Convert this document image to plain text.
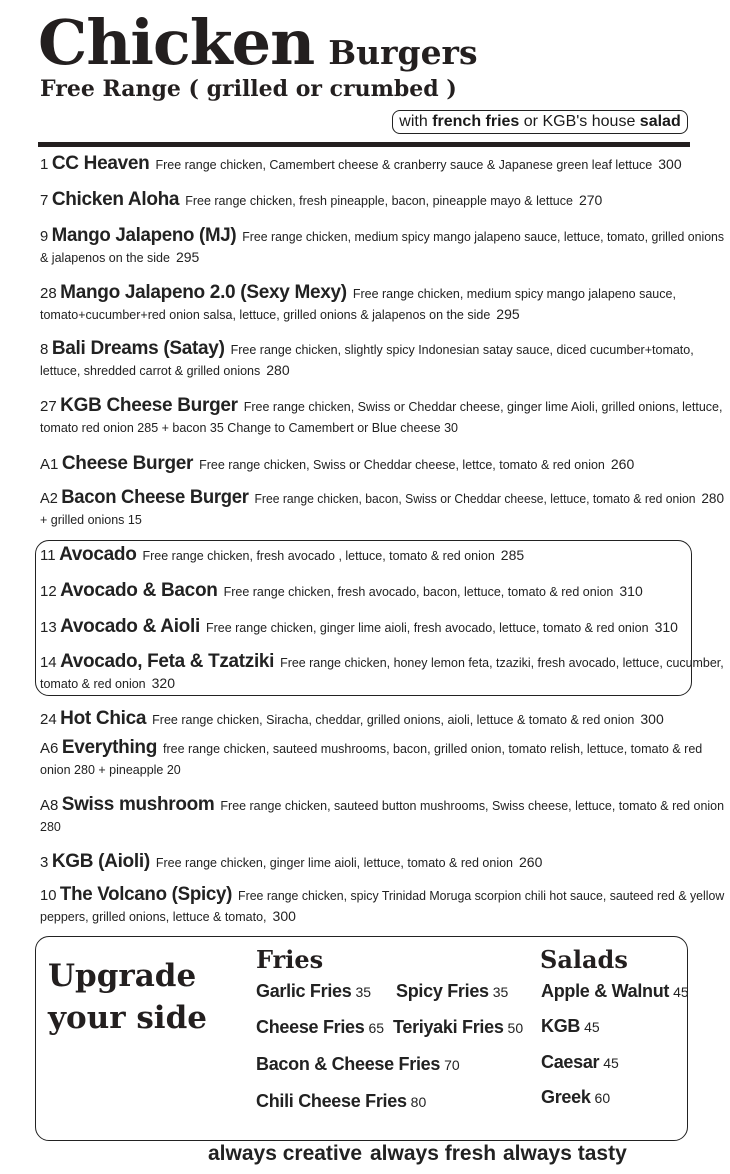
Chicken Burgers
Free Range ( grilled or crumbed )
with french fries or KGB's house salad
1 CC Heaven Free range chicken, Camembert cheese & cranberry sauce & Japanese green leaf lettuce 300
7 Chicken Aloha Free range chicken, fresh pineapple, bacon, pineapple mayo & lettuce 270
9 Mango Jalapeno (MJ) Free range chicken, medium spicy mango jalapeno sauce, lettuce, tomato, grilled onions & jalapenos on the side 295
28 Mango Jalapeno 2.0 (Sexy Mexy) Free range chicken, medium spicy mango jalapeno sauce, tomato+cucumber+red onion salsa, lettuce, grilled onions & jalapenos on the side 295
8 Bali Dreams (Satay) Free range chicken, slightly spicy Indonesian satay sauce, diced cucumber+tomato, lettuce, shredded carrot & grilled onions 280
27 KGB Cheese Burger Free range chicken, Swiss or Cheddar cheese, ginger lime Aioli, grilled onions, lettuce, tomato red onion 285 + bacon 35 Change to Camembert or Blue cheese 30
A1 Cheese Burger Free range chicken, Swiss or Cheddar cheese, lettce, tomato & red onion 260
A2 Bacon Cheese Burger Free range chicken, bacon, Swiss or Cheddar cheese, lettuce, tomato & red onion 280 + grilled onions 15
11 Avocado Free range chicken, fresh avocado , lettuce, tomato & red onion 285
12 Avocado & Bacon Free range chicken, fresh avocado, bacon, lettuce, tomato & red onion 310
13 Avocado & Aioli Free range chicken, ginger lime aioli, fresh avocado, lettuce, tomato & red onion 310
14 Avocado, Feta & Tzatziki Free range chicken, honey lemon feta, tzaziki, fresh avocado, lettuce, cucumber, tomato & red onion 320
24 Hot Chica Free range chicken, Siracha, cheddar, grilled onions, aioli, lettuce & tomato & red onion 300
A6 Everything free range chicken, sauteed mushrooms, bacon, grilled onion, tomato relish, lettuce, tomato & red onion 280 + pineapple 20
A8 Swiss mushroom Free range chicken, sauteed button mushrooms, Swiss cheese, lettuce, tomato & red onion 280
3 KGB (Aioli) Free range chicken, ginger lime aioli, lettuce, tomato & red onion 260
10 The Volcano (Spicy) Free range chicken, spicy Trinidad Moruga scorpion chili hot sauce, sauteed red & yellow peppers, grilled onions, lettuce & tomato, 300
Upgrade
your side
Fries	Salads
Garlic Fries 35 Spicy Fries 35
Cheese Fries 65 Teriyaki Fries 50
Bacon & Cheese Fries 70
Chili Cheese Fries 80
Apple & Walnut 45
KGB 45
Caesar 45
Greek 60
always creative always fresh always tasty
